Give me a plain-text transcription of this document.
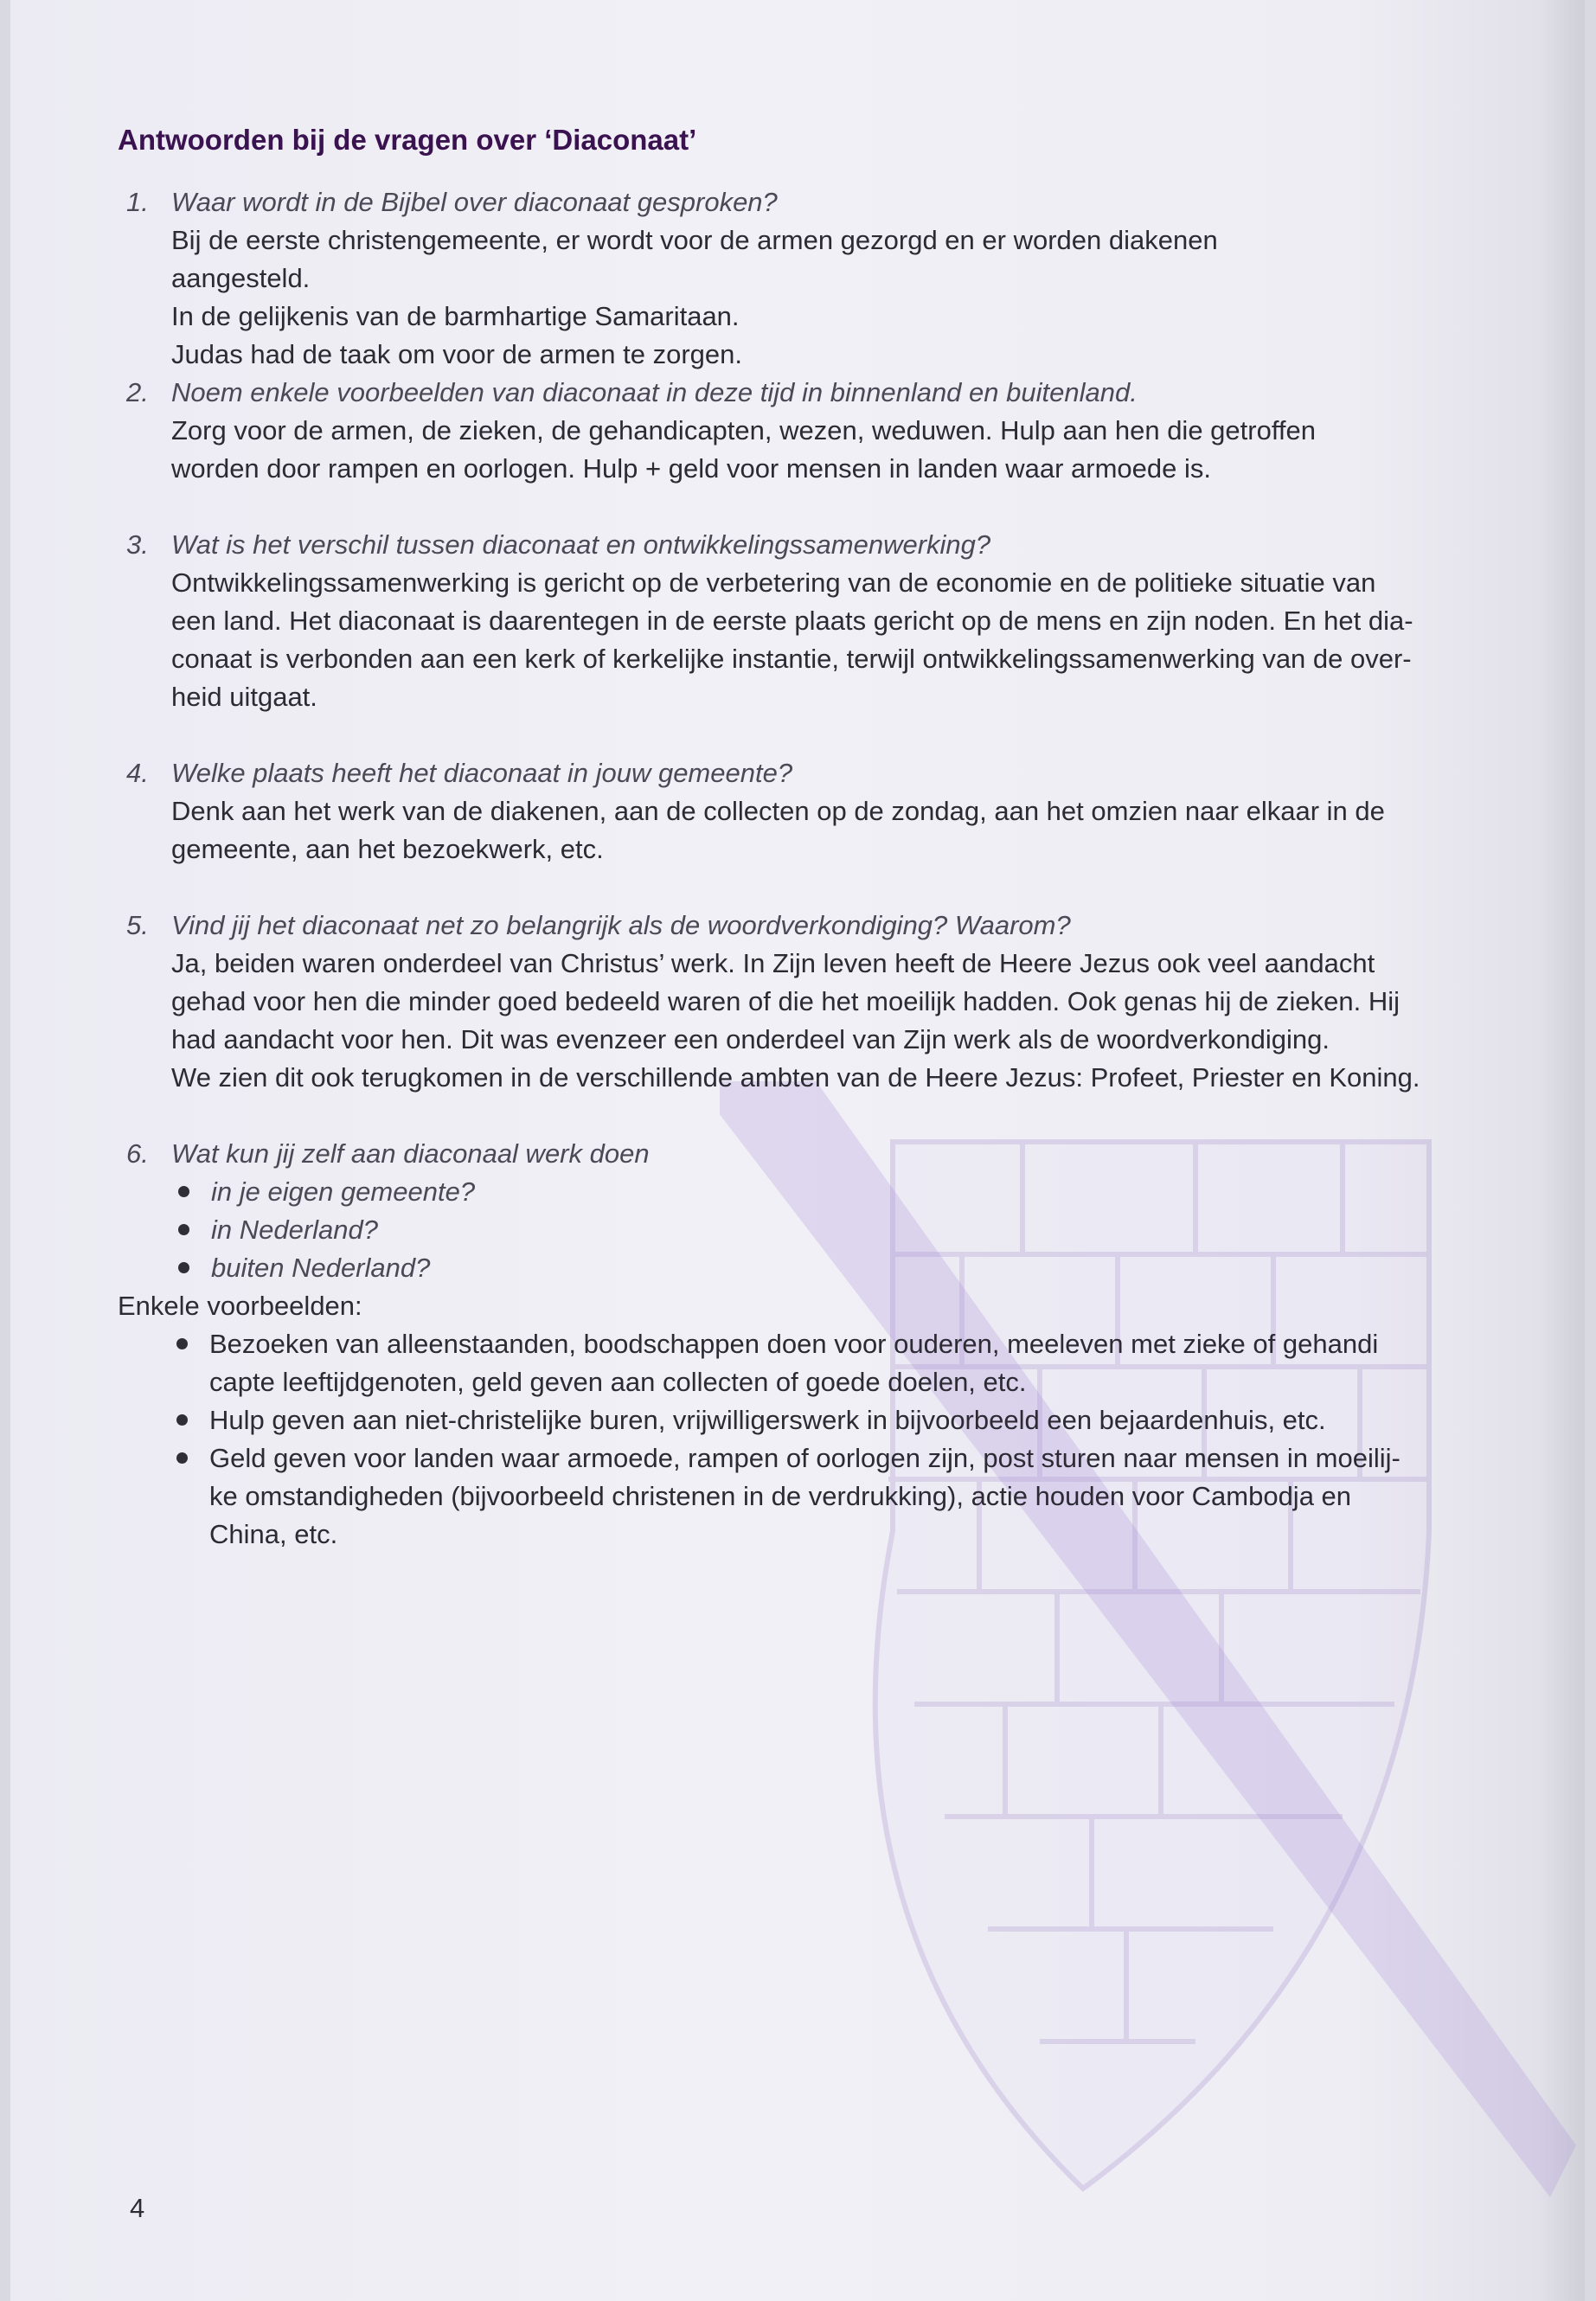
Antwoorden bij de vragen over ‘Diaconaat’
1. Waar wordt in de Bijbel over diaconaat gesproken?
Bij de eerste christengemeente, er wordt voor de armen gezorgd en er worden diakenen
aangesteld.
In de gelijkenis van de barmhartige Samaritaan.
Judas had de taak om voor de armen te zorgen.
2. Noem enkele voorbeelden van diaconaat in deze tijd in binnenland en buitenland.
Zorg voor de armen, de zieken, de gehandicapten, wezen, weduwen. Hulp aan hen die getroffen
worden door rampen en oorlogen. Hulp + geld voor mensen in landen waar armoede is.
3. Wat is het verschil tussen diaconaat en ontwikkelingssamenwerking?
Ontwikkelingssamenwerking is gericht op de verbetering van de economie en de politieke situatie van
een land. Het diaconaat is daarentegen in de eerste plaats gericht op de mens en zijn noden. En het dia-
conaat is verbonden aan een kerk of kerkelijke instantie, terwijl ontwikkelingssamenwerking van de over-
heid uitgaat.
4. Welke plaats heeft het diaconaat in jouw gemeente?
Denk aan het werk van de diakenen, aan de collecten op de zondag, aan het omzien naar elkaar in de
gemeente, aan het bezoekwerk, etc.
5. Vind jij het diaconaat net zo belangrijk als de woordverkondiging? Waarom?
Ja, beiden waren onderdeel van Christus’ werk. In Zijn leven heeft de Heere Jezus ook veel aandacht
gehad voor hen die minder goed bedeeld waren of die het moeilijk hadden. Ook genas hij de zieken. Hij
had aandacht voor hen. Dit was evenzeer een onderdeel van Zijn werk als de woordverkondiging.
We zien dit ook terugkomen in de verschillende ambten van de Heere Jezus: Profeet, Priester en Koning.
6. Wat kun jij zelf aan diaconaal werk doen
in je eigen gemeente?
in Nederland?
buiten Nederland?
Enkele voorbeelden:
Bezoeken van alleenstaanden, boodschappen doen voor ouderen, meeleven met zieke of gehandi
capte leeftijdgenoten, geld geven aan collecten of goede doelen, etc.
Hulp geven aan niet-christelijke buren, vrijwilligerswerk in bijvoorbeeld een bejaardenhuis, etc.
Geld geven voor landen waar armoede, rampen of oorlogen zijn, post sturen naar mensen in moeilij-
ke omstandigheden (bijvoorbeeld christenen in de verdrukking), actie houden voor Cambodja en
China, etc.
4
